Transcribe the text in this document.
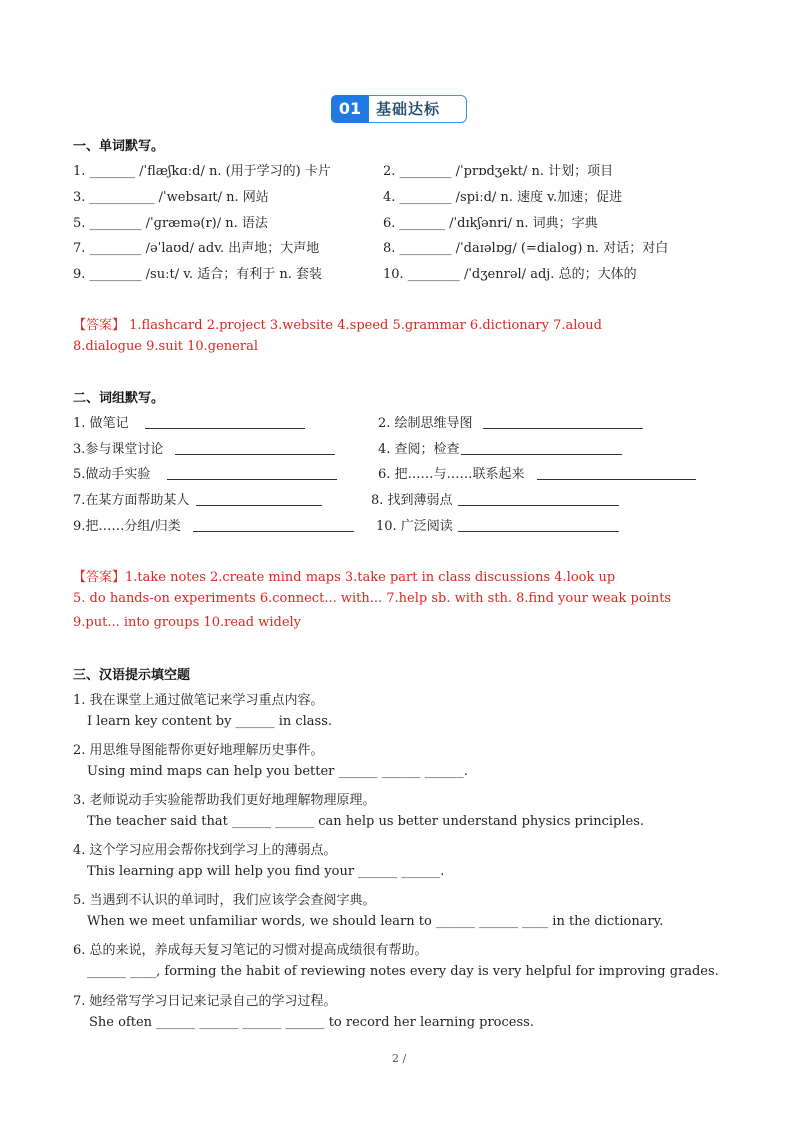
01 基础达标
一、单词默写。
1. _______ /ˈflæʃkɑːd/ n. (用于学习的) 卡片
3. __________ /ˈwebsaɪt/ n. 网站
5. ________ /ˈɡræmə(r)/ n. 语法
7. ________ /əˈlaʊd/ adv. 出声地；大声地
9. ________ /suːt/ v. 适合；有利于 n. 套装
2. ________ /ˈprɒdʒekt/ n. 计划；项目
4. ________ /spiːd/ n. 速度 v.加速；促进
6. _______ /ˈdɪkʃənri/ n. 词典；字典
8. ________ /ˈdaɪəlɒɡ/ (=dialog) n. 对话；对白
10. ________ /ˈdʒenrəl/ adj. 总的；大体的
【答案】 1.flashcard 2.project 3.website 4.speed 5.grammar 6.dictionary 7.aloud
8.dialogue 9.suit 10.general
二、词组默写。
1. 做笔记
3.参与课堂讨论
5.做动手实验
7.在某方面帮助某人
9.把……分组/归类
2. 绘制思维导图
4. 查阅；检查
6. 把……与……联系起来
8. 找到薄弱点
10. 广泛阅读
【答案】1.take notes 2.create mind maps 3.take part in class discussions 4.look up
5. do hands-on experiments 6.connect... with... 7.help sb. with sth. 8.find your weak points
9.put... into groups 10.read widely
三、汉语提示填空题
1. 我在课堂上通过做笔记来学习重点内容。
I learn key content by ______ in class.
2. 用思维导图能帮你更好地理解历史事件。
Using mind maps can help you better ______ ______ ______.
3. 老师说动手实验能帮助我们更好地理解物理原理。
The teacher said that ______ ______ can help us better understand physics principles.
4. 这个学习应用会帮你找到学习上的薄弱点。
This learning app will help you find your ______ ______.
5. 当遇到不认识的单词时，我们应该学会查阅字典。
When we meet unfamiliar words, we should learn to ______ ______ ____ in the dictionary.
6. 总的来说，养成每天复习笔记的习惯对提高成绩很有帮助。
______ ____, forming the habit of reviewing notes every day is very helpful for improving grades.
7. 她经常写学习日记来记录自己的学习过程。
She often ______ ______ ______ ______ to record her learning process.
2 /
